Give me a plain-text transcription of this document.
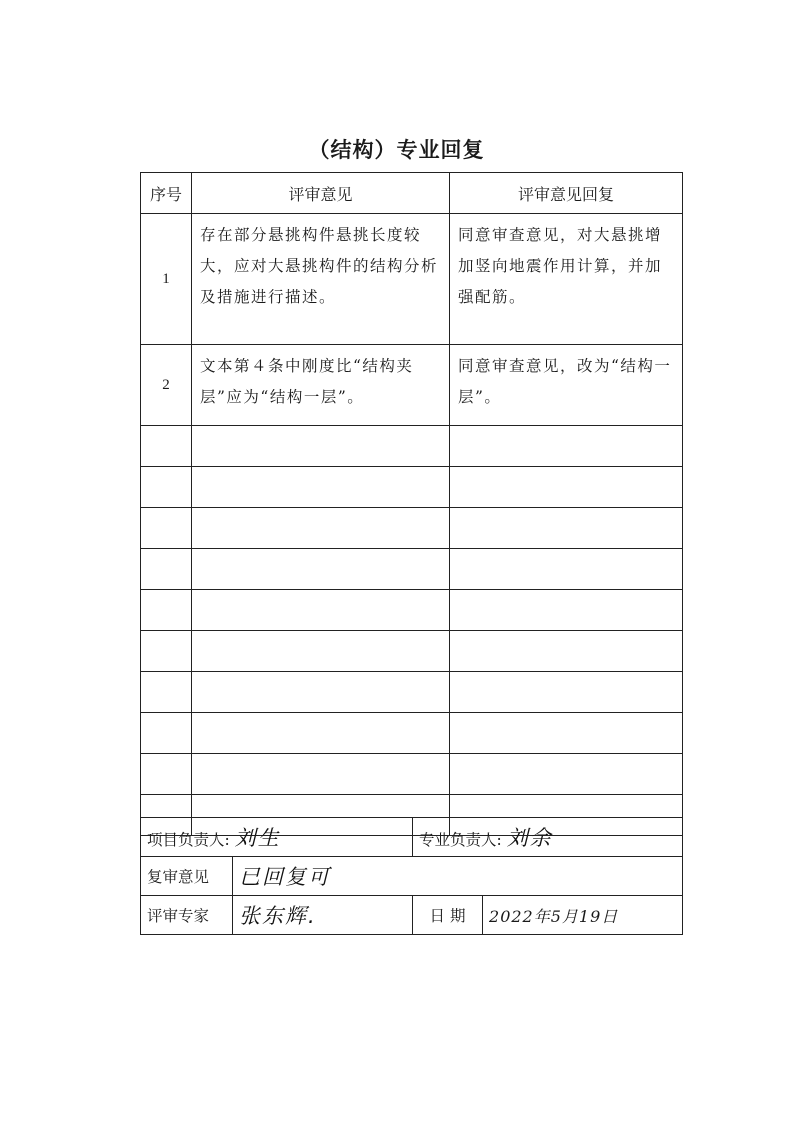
（结构）专业回复
序号	评审意见	评审意见回复
1	存在部分悬挑构件悬挑长度较大，应对大悬挑构件的结构分析及措施进行描述。	同意审查意见，对大悬挑增加竖向地震作用计算，并加强配筋。
2	文本第４条中刚度比“结构夹层”应为“结构一层”。	同意审查意见，改为“结构一层”。

项目负责人: 刘生		专业负责人: 刘余	
复审意见	已回复可		
评审专家	张东辉.	日 期	2022年5月19日
